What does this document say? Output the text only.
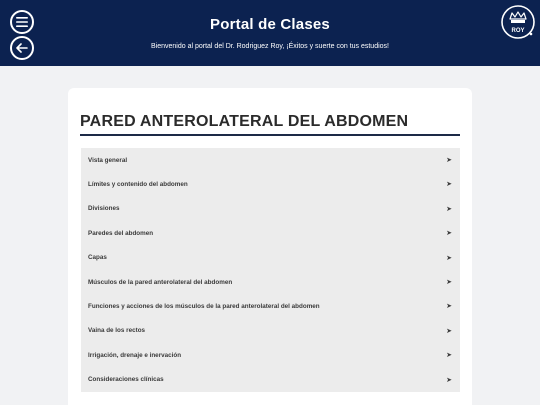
Portal de Clases
Bienvenido al portal del Dr. Rodriguez Roy, ¡Éxitos y suerte con tus estudios!
ROY
PARED ANTEROLATERAL DEL ABDOMEN
Vista general	➤
Límites y contenido del abdomen	➤
Divisiones	➤
Paredes del abdomen	➤
Capas	➤
Músculos de la pared anterolateral del abdomen	➤
Funciones y acciones de los músculos de la pared anterolateral del abdomen	➤
Vaina de los rectos	➤
Irrigación, drenaje e inervación	➤
Consideraciones clínicas	➤
